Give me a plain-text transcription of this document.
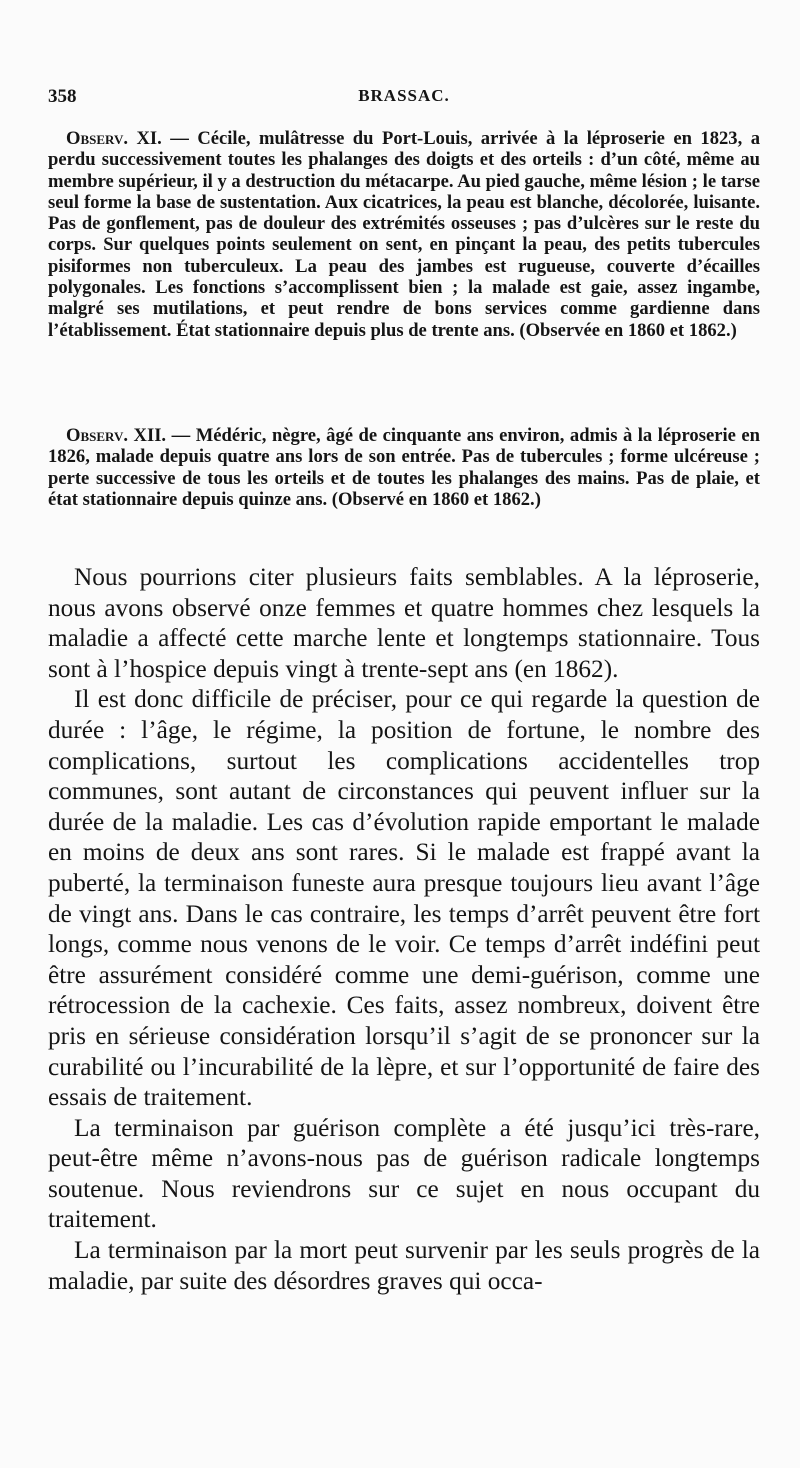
358	BRASSAC.

Observ. XI. — Cécile, mulâtresse du Port-Louis, arrivée à la léproserie en 1823, a perdu successivement toutes les phalanges des doigts et des orteils : d’un côté, même au membre supérieur, il y a destruction du métacarpe. Au pied gauche, même lésion ; le tarse seul forme la base de sustentation. Aux cicatrices, la peau est blanche, décolorée, luisante. Pas de gonflement, pas de douleur des extrémités osseuses ; pas d’ulcères sur le reste du corps. Sur quelques points seulement on sent, en pinçant la peau, des petits tubercules pisiformes non tuberculeux. La peau des jambes est rugueuse, couverte d’écailles polygonales. Les fonctions s’accomplissent bien ; la malade est gaie, assez ingambe, malgré ses mutilations, et peut rendre de bons services comme gardienne dans l’établissement. État stationnaire depuis plus de trente ans. (Observée en 1860 et 1862.)

Observ. XII. — Médéric, nègre, âgé de cinquante ans environ, admis à la léproserie en 1826, malade depuis quatre ans lors de son entrée. Pas de tubercules ; forme ulcéreuse ; perte successive de tous les orteils et de toutes les phalanges des mains. Pas de plaie, et état stationnaire depuis quinze ans. (Observé en 1860 et 1862.)

Nous pourrions citer plusieurs faits semblables. A la léproserie, nous avons observé onze femmes et quatre hommes chez lesquels la maladie a affecté cette marche lente et longtemps stationnaire. Tous sont à l’hospice depuis vingt à trente-sept ans (en 1862).

Il est donc difficile de préciser, pour ce qui regarde la question de durée : l’âge, le régime, la position de fortune, le nombre des complications, surtout les complications accidentelles trop communes, sont autant de circonstances qui peuvent influer sur la durée de la maladie. Les cas d’évolution rapide emportant le malade en moins de deux ans sont rares. Si le malade est frappé avant la puberté, la terminaison funeste aura presque toujours lieu avant l’âge de vingt ans. Dans le cas contraire, les temps d’arrêt peuvent être fort longs, comme nous venons de le voir. Ce temps d’arrêt indéfini peut être assurément considéré comme une demi-guérison, comme une rétrocession de la cachexie. Ces faits, assez nombreux, doivent être pris en sérieuse considération lorsqu’il s’agit de se prononcer sur la curabilité ou l’incurabilité de la lèpre, et sur l’opportunité de faire des essais de traitement.

La terminaison par guérison complète a été jusqu’ici très-rare, peut-être même n’avons-nous pas de guérison radicale longtemps soutenue. Nous reviendrons sur ce sujet en nous occupant du traitement.

La terminaison par la mort peut survenir par les seuls progrès de la maladie, par suite des désordres graves qui occa-
